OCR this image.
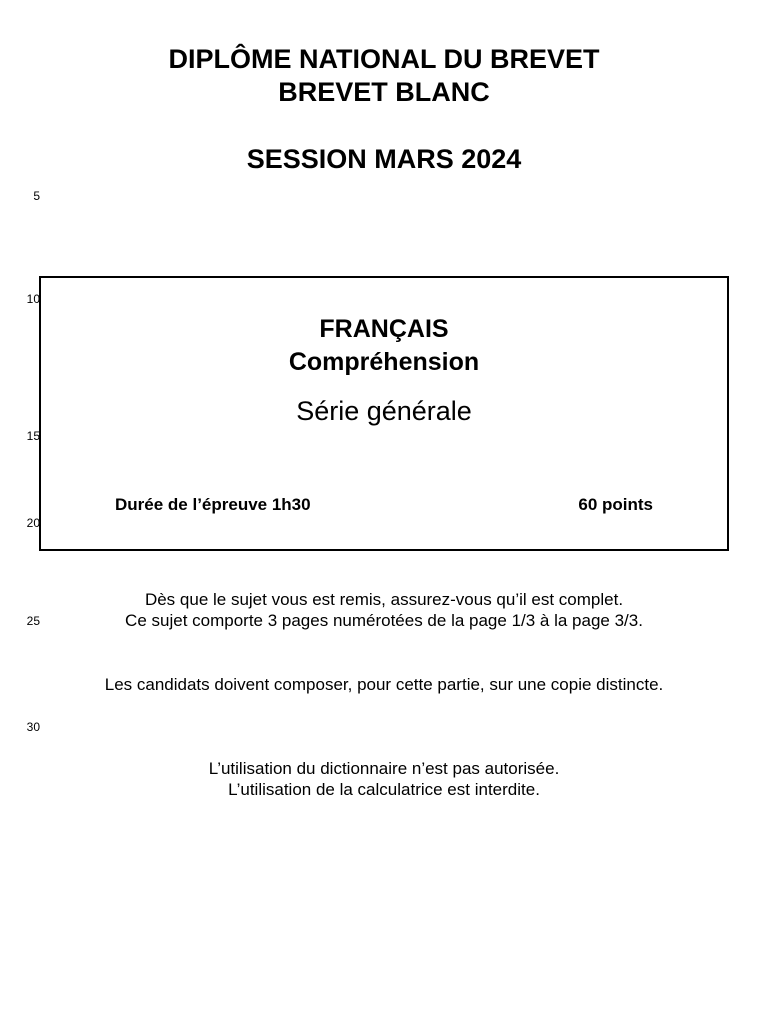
DIPLÔME NATIONAL DU BREVET
BREVET BLANC
SESSION MARS 2024
5
10
15
20
25
30
FRANÇAIS
Compréhension
Série générale
Durée de l’épreuve 1h30	60 points
Dès que le sujet vous est remis, assurez-vous qu’il est complet.
Ce sujet comporte 3 pages numérotées de la page 1/3 à la page 3/3.
Les candidats doivent composer, pour cette partie, sur une copie distincte.
L’utilisation du dictionnaire n’est pas autorisée.
L’utilisation de la calculatrice est interdite.
